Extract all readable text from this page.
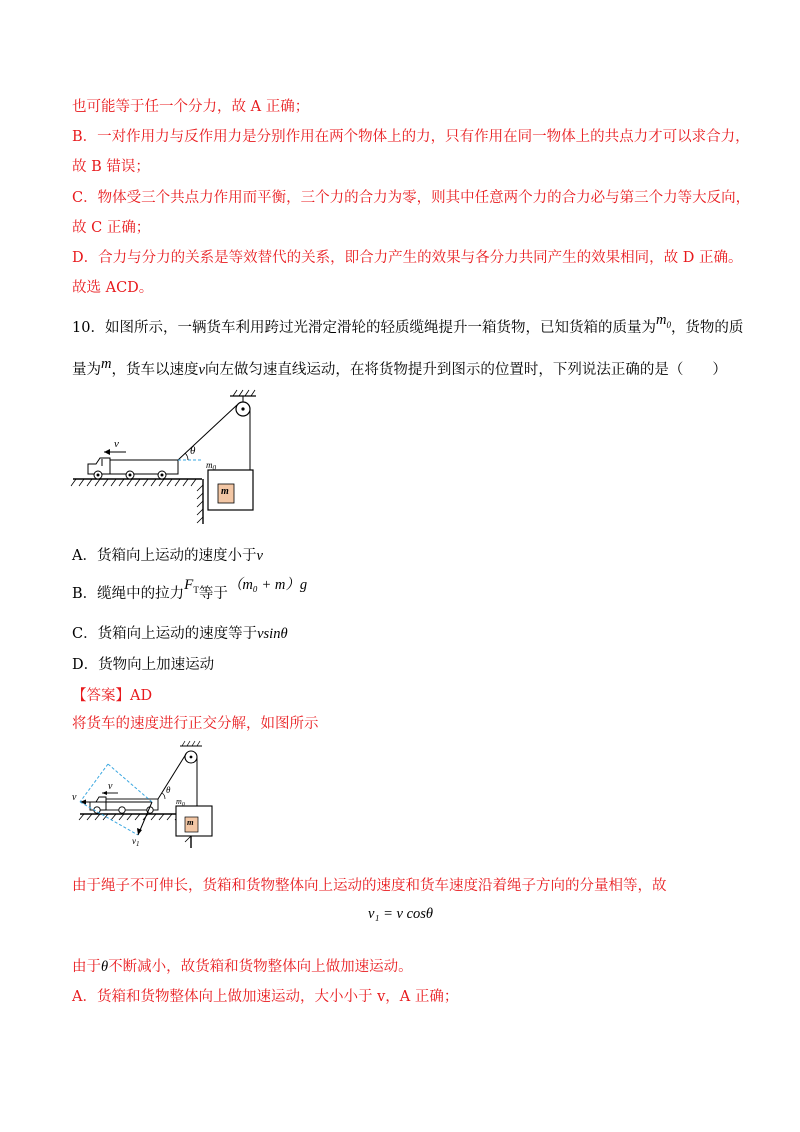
也可能等于任一个分力，故 A 正确；
B．一对作用力与反作用力是分别作用在两个物体上的力，只有作用在同一物体上的共点力才可以求合力，
故 B 错误；
C．物体受三个共点力作用而平衡，三个力的合力为零，则其中任意两个力的合力必与第三个力等大反向，
故 C 正确；
D．合力与分力的关系是等效替代的关系，即合力产生的效果与各分力共同产生的效果相同，故 D 正确。
故选 ACD。
10．如图所示，一辆货车利用跨过光滑定滑轮的轻质缆绳提升一箱货物，已知货箱的质量为$m_0$，货物的质
量为m，货车以速度v向左做匀速直线运动，在将货物提升到图示的位置时，下列说法正确的是（　　）
v
θ
m
$m_0$
A．货箱向上运动的速度小于v
B．缆绳中的拉力$F_T$等于（m₀ + m）g
C．货箱向上运动的速度等于vsinθ
D．货物向上加速运动
【答案】AD
将货车的速度进行正交分解，如图所示
v
v
$v_1$
θ
m
$m_0$
由于绳子不可伸长，货箱和货物整体向上运动的速度和货车速度沿着绳子方向的分量相等，故
v₁ = v cosθ
由于θ不断减小，故货箱和货物整体向上做加速运动。
A．货箱和货物整体向上做加速运动，大小小于 v，A 正确；
